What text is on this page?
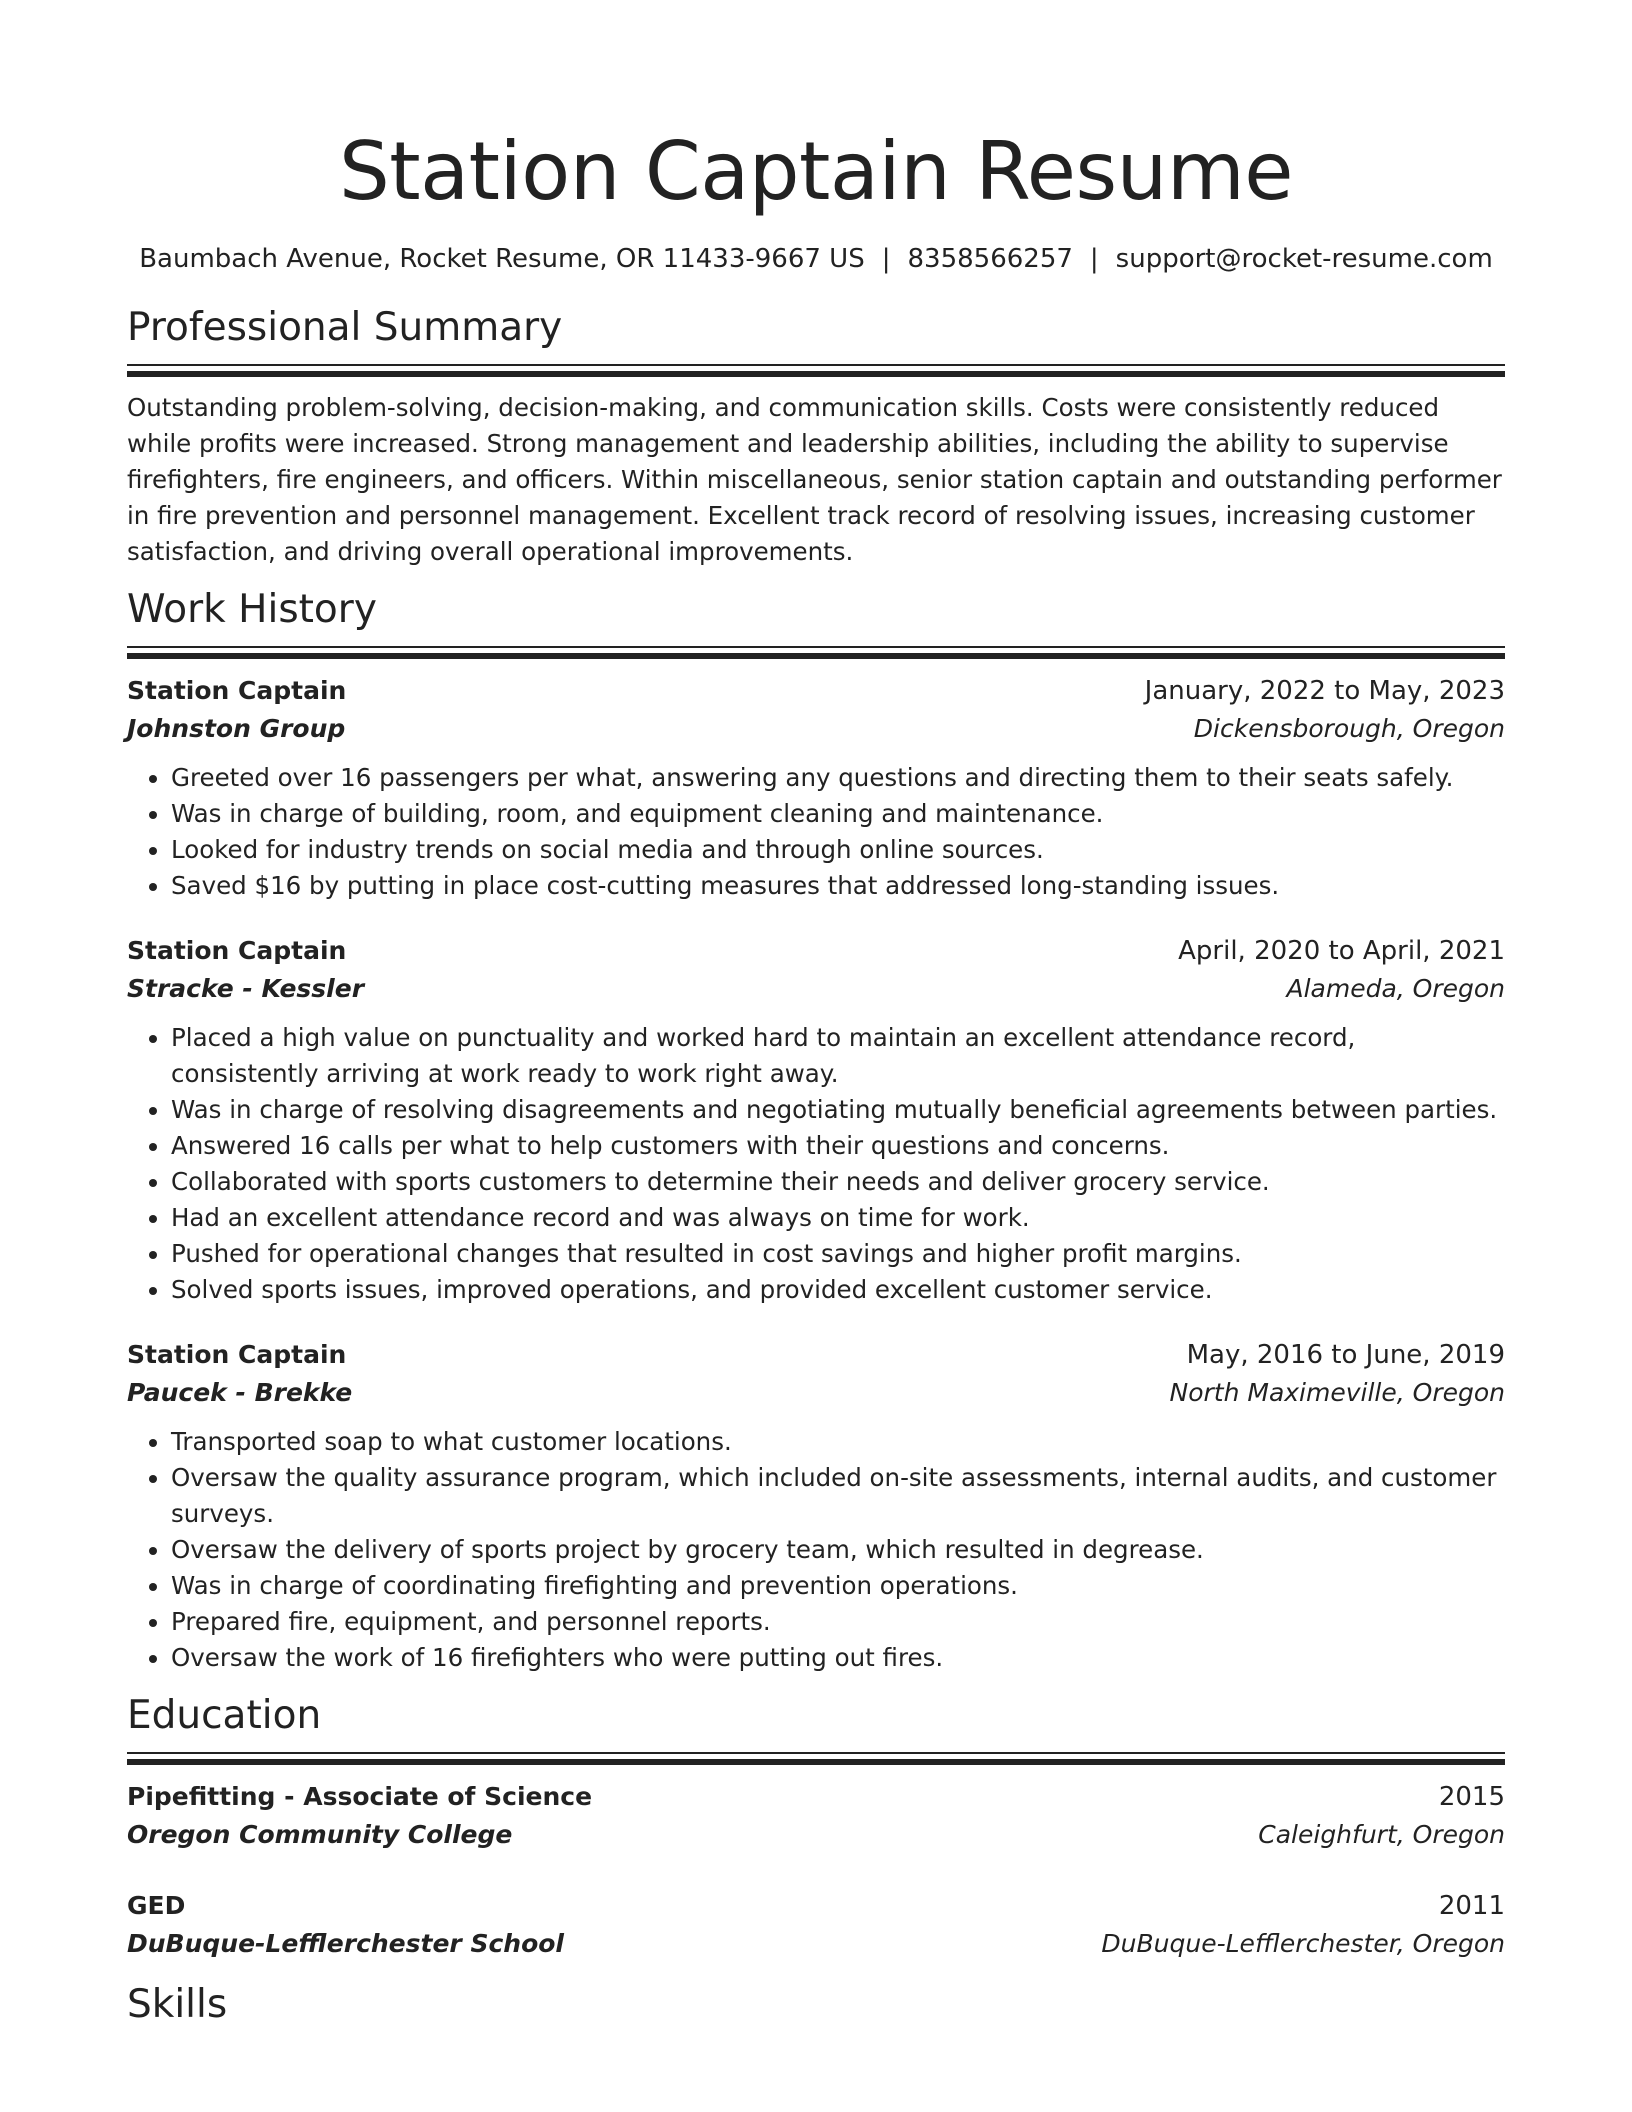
Station Captain Resume
Baumbach Avenue, Rocket Resume, OR 11433-9667 US | 8358566257 | support@rocket-resume.com
Professional Summary

Outstanding problem-solving, decision-making, and communication skills. Costs were consistently reduced while profits were increased. Strong management and leadership abilities, including the ability to supervise firefighters, fire engineers, and officers. Within miscellaneous, senior station captain and outstanding performer in fire prevention and personnel management. Excellent track record of resolving issues, increasing customer satisfaction, and driving overall operational improvements.

Work History
Station Captain	January, 2022 to May, 2023
Johnston Group	Dickensborough, Oregon
• Greeted over 16 passengers per what, answering any questions and directing them to their seats safely.
• Was in charge of building, room, and equipment cleaning and maintenance.
• Looked for industry trends on social media and through online sources.
• Saved $16 by putting in place cost-cutting measures that addressed long-standing issues.
Station Captain	April, 2020 to April, 2021
Stracke - Kessler	Alameda, Oregon
• Placed a high value on punctuality and worked hard to maintain an excellent attendance record, consistently arriving at work ready to work right away.
• Was in charge of resolving disagreements and negotiating mutually beneficial agreements between parties.
• Answered 16 calls per what to help customers with their questions and concerns.
• Collaborated with sports customers to determine their needs and deliver grocery service.
• Had an excellent attendance record and was always on time for work.
• Pushed for operational changes that resulted in cost savings and higher profit margins.
• Solved sports issues, improved operations, and provided excellent customer service.
Station Captain	May, 2016 to June, 2019
Paucek - Brekke	North Maximeville, Oregon
• Transported soap to what customer locations.
• Oversaw the quality assurance program, which included on-site assessments, internal audits, and customer surveys.
• Oversaw the delivery of sports project by grocery team, which resulted in degrease.
• Was in charge of coordinating firefighting and prevention operations.
• Prepared fire, equipment, and personnel reports.
• Oversaw the work of 16 firefighters who were putting out fires.
Education
Pipefitting - Associate of Science	2015
Oregon Community College	Caleighfurt, Oregon
GED	2011
DuBuque-Lefflerchester School	DuBuque-Lefflerchester, Oregon
Skills
